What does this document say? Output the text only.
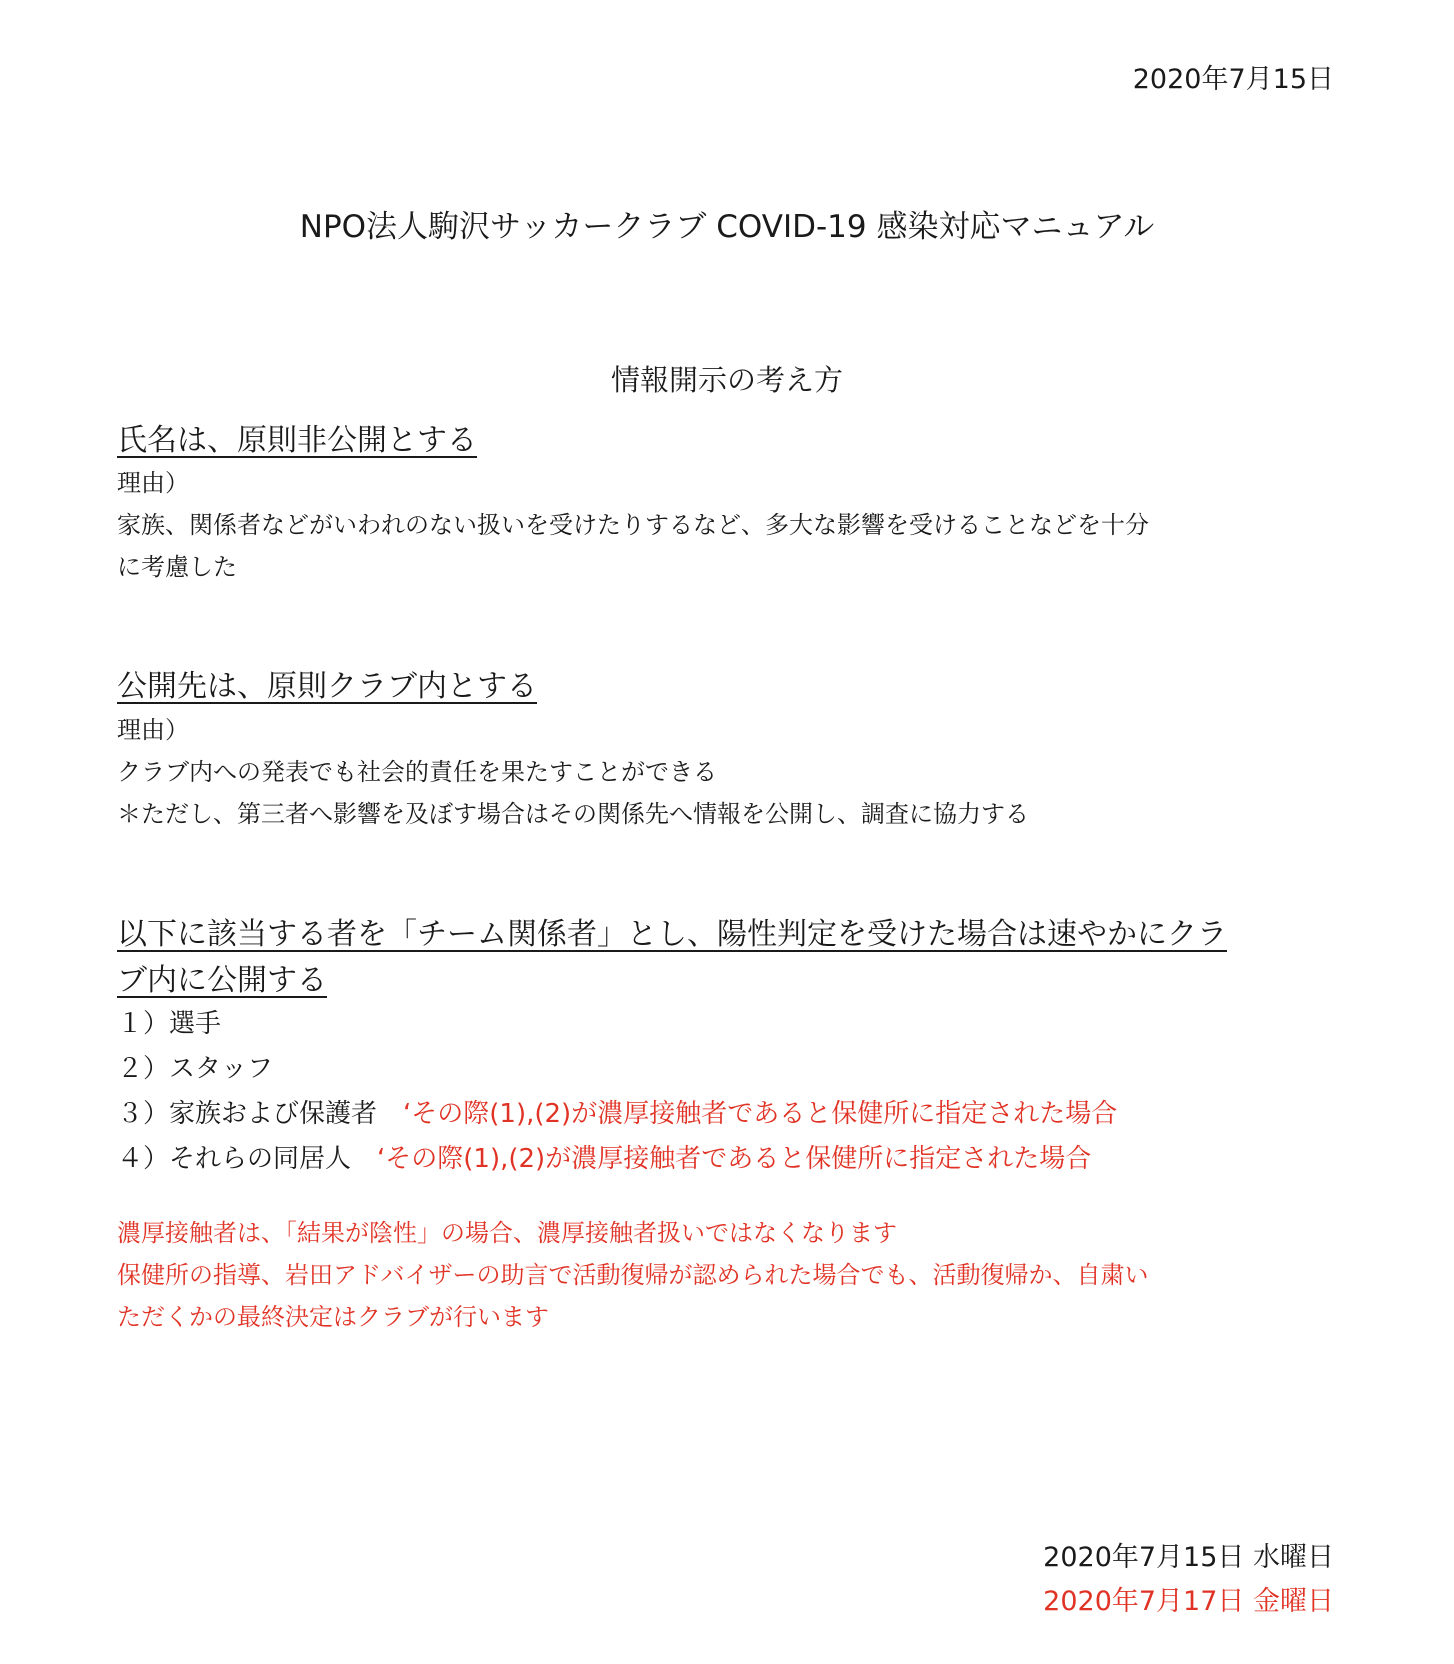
2020年7月15日
NPO法人駒沢サッカークラブ COVID-19 感染対応マニュアル
情報開示の考え方
氏名は、原則非公開とする
理由）
家族、関係者などがいわれのない扱いを受けたりするなど、多大な影響を受けることなどを十分
に考慮した
公開先は、原則クラブ内とする
理由）
クラブ内への発表でも社会的責任を果たすことができる
＊ただし、第三者へ影響を及ぼす場合はその関係先へ情報を公開し、調査に協力する
以下に該当する者を「チーム関係者」とし、陽性判定を受けた場合は速やかにクラ
ブ内に公開する
１）選手
２）スタッフ
３）家族および保護者　‘その際(1),(2)が濃厚接触者であると保健所に指定された場合
４）それらの同居人　‘その際(1),(2)が濃厚接触者であると保健所に指定された場合
濃厚接触者は、「結果が陰性」の場合、濃厚接触者扱いではなくなります
保健所の指導、岩田アドバイザーの助言で活動復帰が認められた場合でも、活動復帰か、自粛い
ただくかの最終決定はクラブが行います
2020年7月15日 水曜日
2020年7月17日 金曜日
